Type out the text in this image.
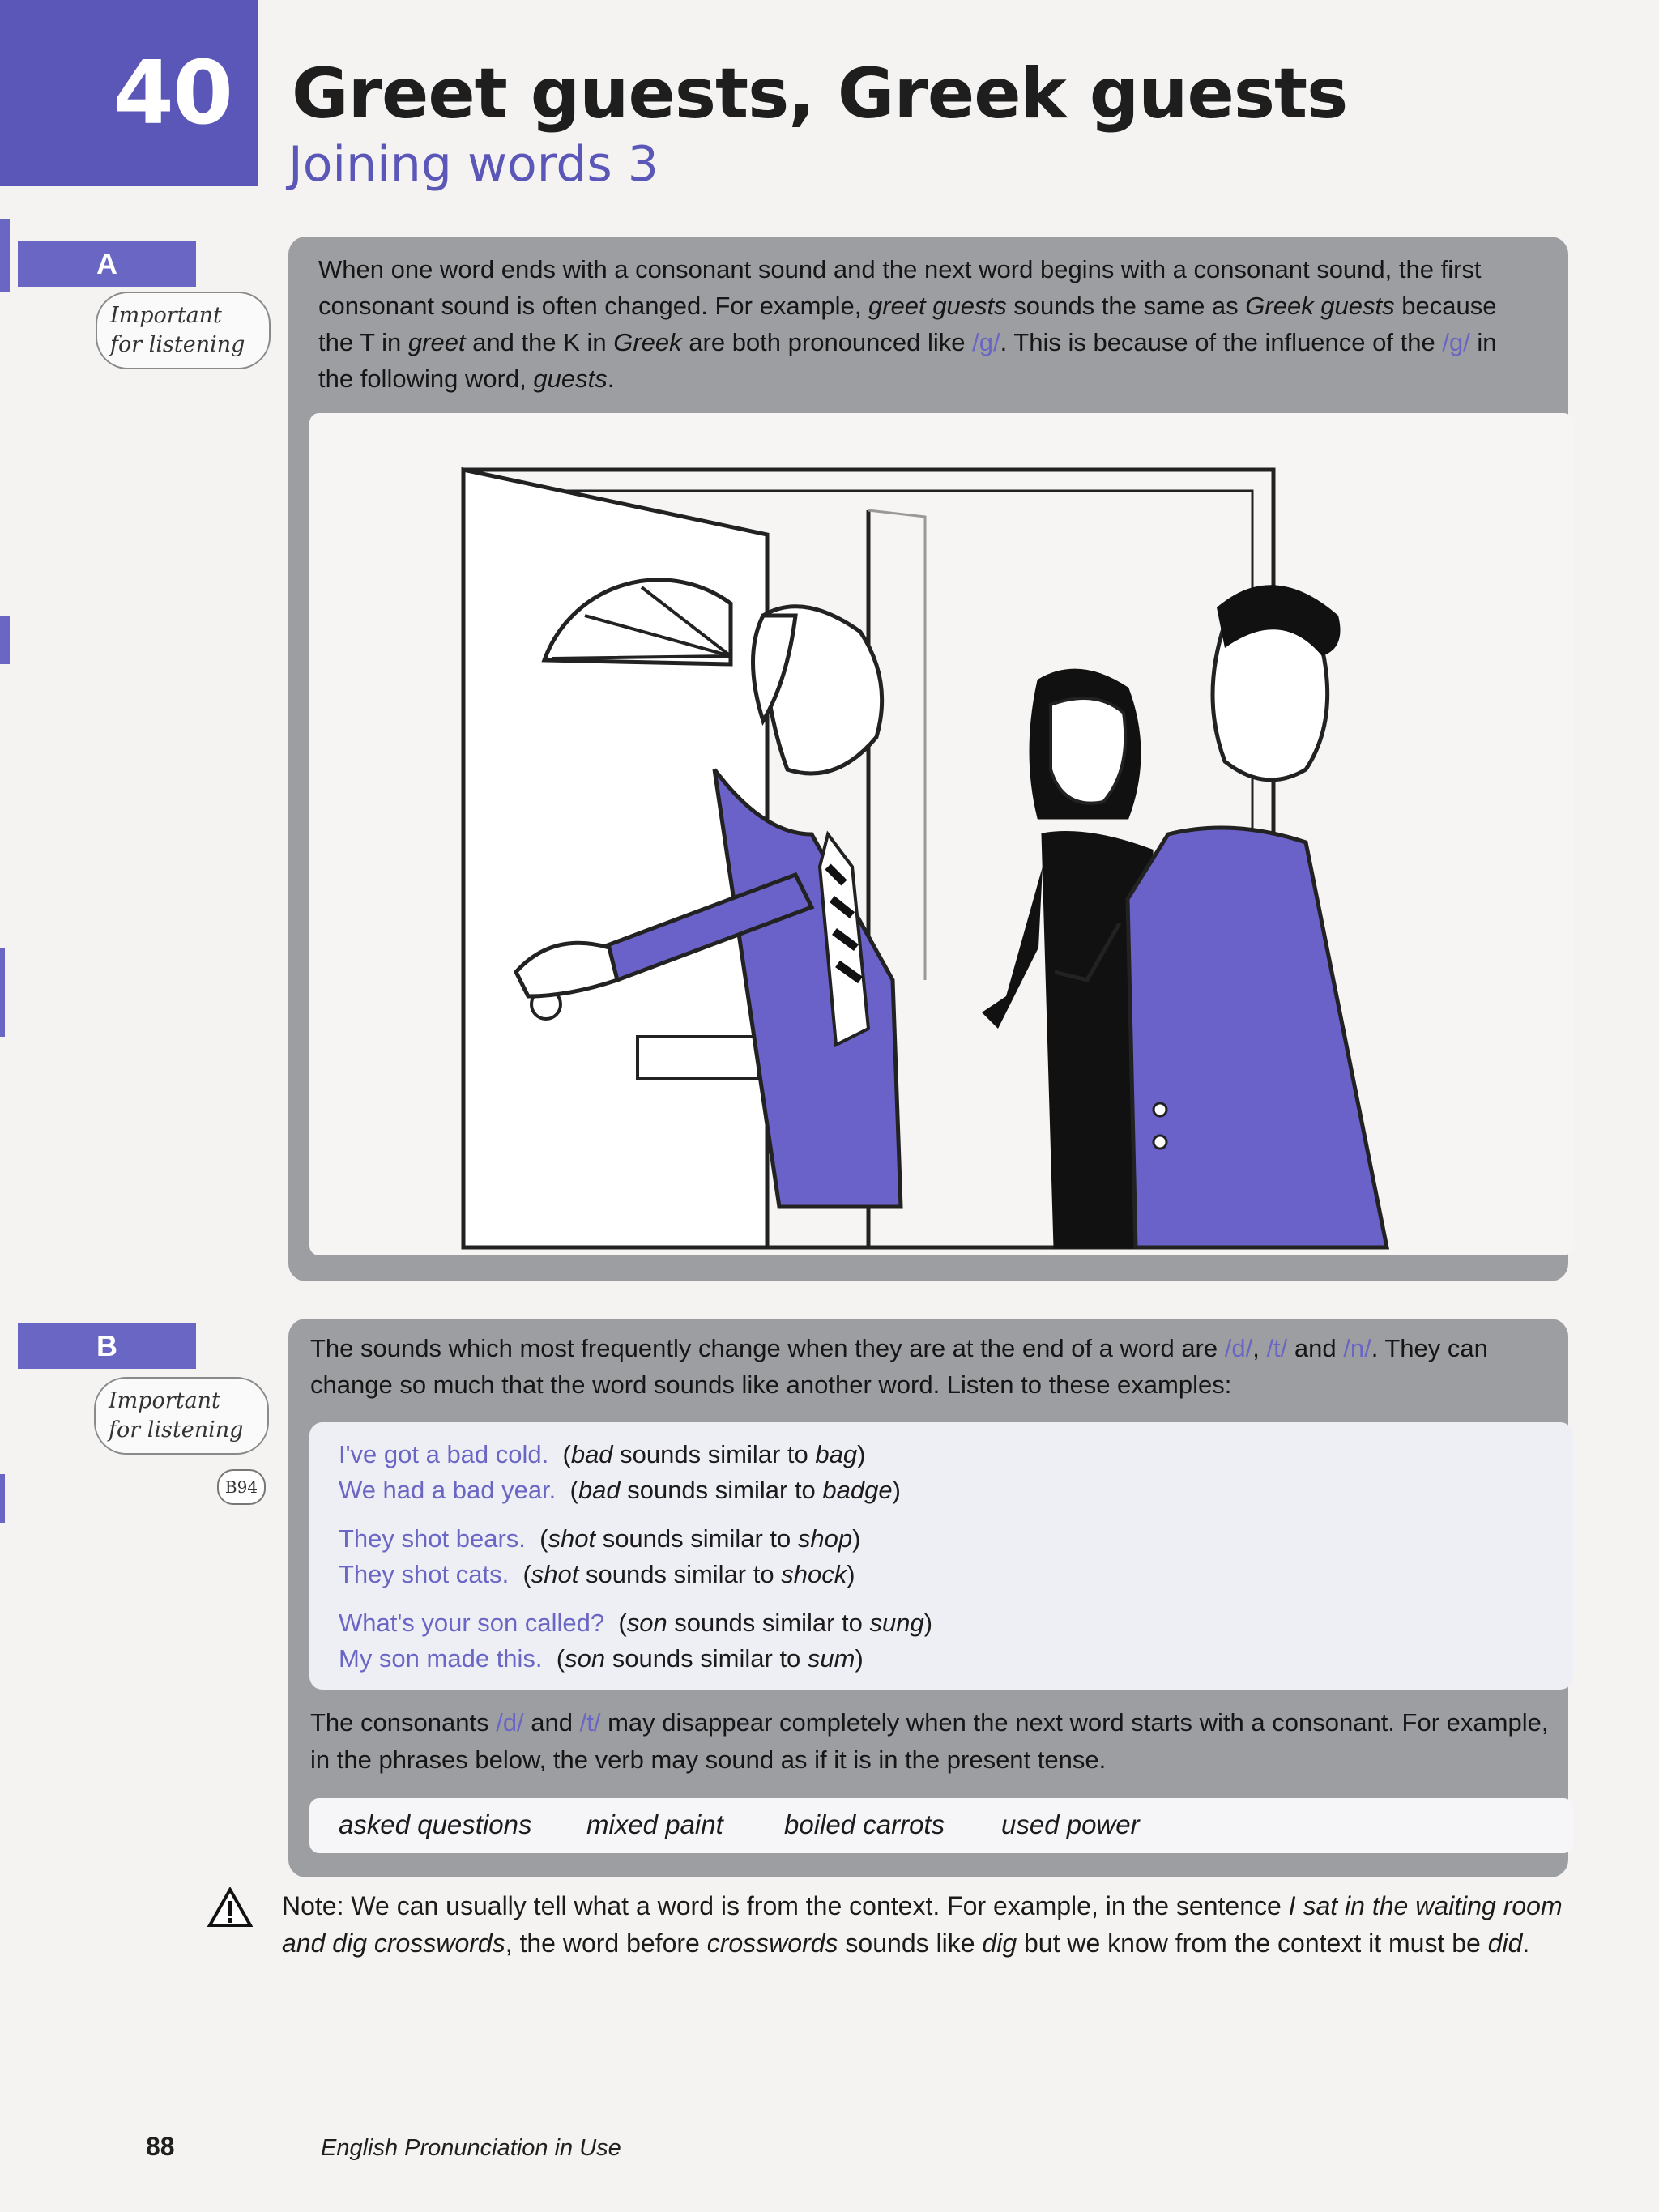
40 Greet guests, Greek guests
Joining words 3
A
Important for listening
When one word ends with a consonant sound and the next word begins with a consonant sound, the first consonant sound is often changed. For example, greet guests sounds the same as Greek guests because the T in greet and the K in Greek are both pronounced like /g/. This is because of the influence of the /g/ in the following word, guests.
B
Important for listening
B94
The sounds which most frequently change when they are at the end of a word are /d/, /t/ and /n/. They can change so much that the word sounds like another word. Listen to these examples:
I've got a bad cold. (bad sounds similar to bag)
We had a bad year. (bad sounds similar to badge)
They shot bears. (shot sounds similar to shop)
They shot cats. (shot sounds similar to shock)
What's your son called? (son sounds similar to sung)
My son made this. (son sounds similar to sum)
The consonants /d/ and /t/ may disappear completely when the next word starts with a consonant. For example, in the phrases below, the verb may sound as if it is in the present tense.
asked questions mixed paint boiled carrots used power
Note: We can usually tell what a word is from the context. For example, in the sentence I sat in the waiting room and dig crosswords, the word before crosswords sounds like dig but we know from the context it must be did.
88	English Pronunciation in Use
